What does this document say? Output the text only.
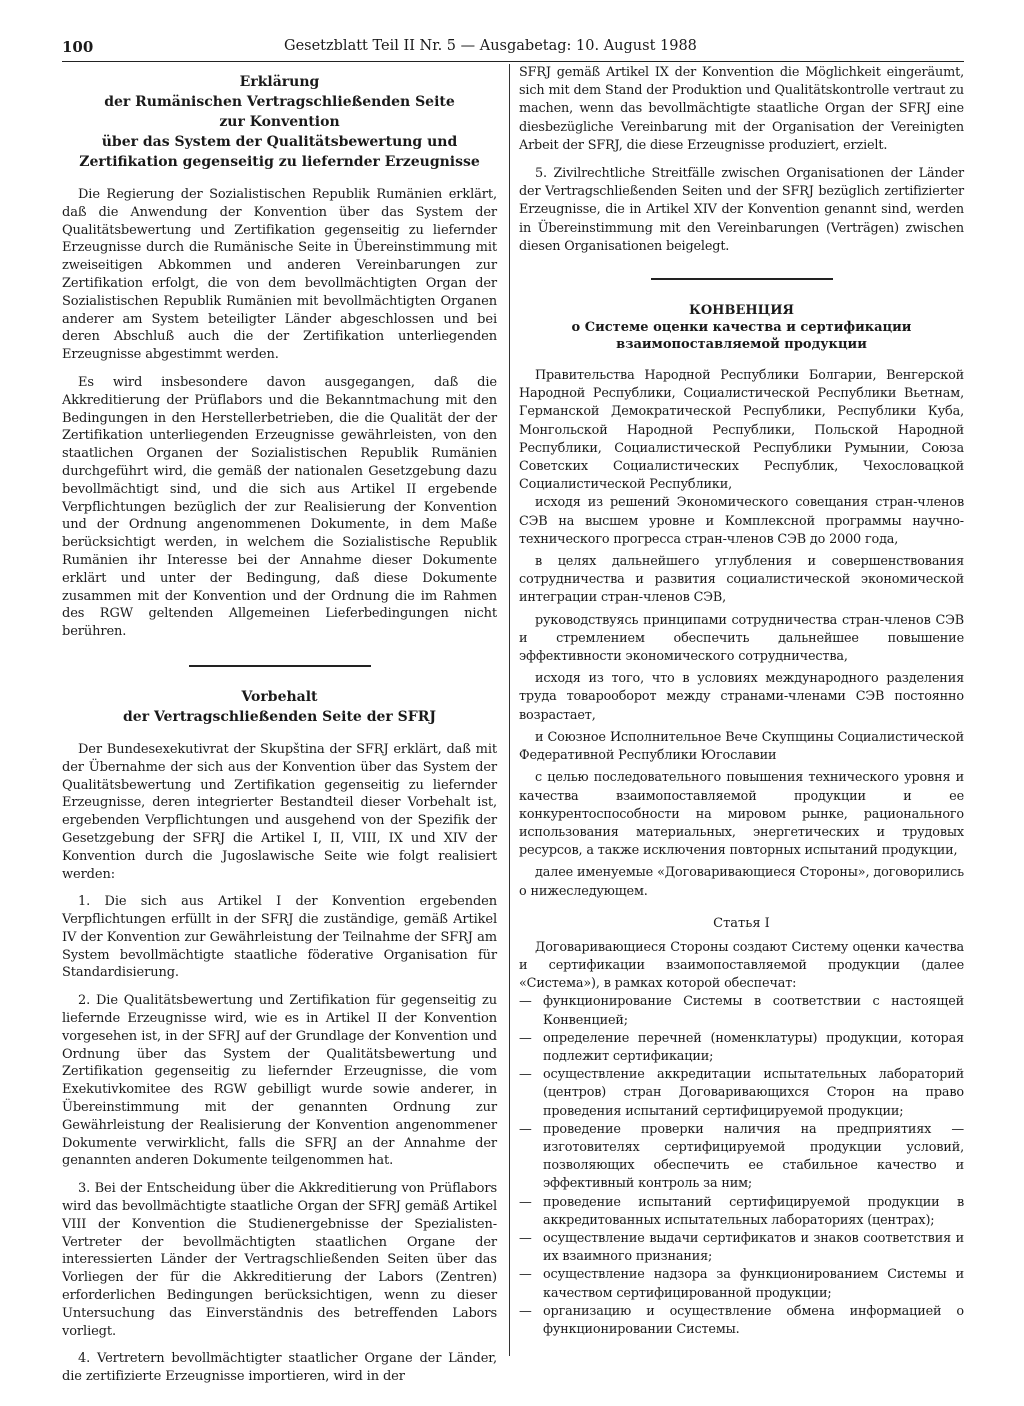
100	Gesetzblatt Teil II Nr. 5 — Ausgabetag: 10. August 1988
Erklärung
der Rumänischen Vertragschließenden Seite
zur Konvention
über das System der Qualitätsbewertung und
Zertifikation gegenseitig zu liefernder Erzeugnisse

Die Regierung der Sozialistischen Republik Rumänien erklärt, daß die Anwendung der Konvention über das System der Qualitätsbewertung und Zertifikation gegenseitig zu liefernder Erzeugnisse durch die Rumänische Seite in Übereinstimmung mit zweiseitigen Abkommen und anderen Vereinbarungen zur Zertifikation erfolgt, die von dem bevollmächtigten Organ der Sozialistischen Republik Rumänien mit bevollmächtigten Organen anderer am System beteiligter Länder abgeschlossen und bei deren Abschluß auch die der Zertifikation unterliegenden Erzeugnisse abgestimmt werden.

Es wird insbesondere davon ausgegangen, daß die Akkreditierung der Prüflabors und die Bekanntmachung mit den Bedingungen in den Herstellerbetrieben, die die Qualität der der Zertifikation unterliegenden Erzeugnisse gewährleisten, von den staatlichen Organen der Sozialistischen Republik Rumänien durchgeführt wird, die gemäß der nationalen Gesetzgebung dazu bevollmächtigt sind, und die sich aus Artikel II ergebende Verpflichtungen bezüglich der zur Realisierung der Konvention und der Ordnung angenommenen Dokumente, in dem Maße berücksichtigt werden, in welchem die Sozialistische Republik Rumänien ihr Interesse bei der Annahme dieser Dokumente erklärt und unter der Bedingung, daß diese Dokumente zusammen mit der Konvention und der Ordnung die im Rahmen des RGW geltenden Allgemeinen Lieferbedingungen nicht berühren.

Vorbehalt
der Vertragschließenden Seite der SFRJ

Der Bundesexekutivrat der Skupština der SFRJ erklärt, daß mit der Übernahme der sich aus der Konvention über das System der Qualitätsbewertung und Zertifikation gegenseitig zu liefernder Erzeugnisse, deren integrierter Bestandteil dieser Vorbehalt ist, ergebenden Verpflichtungen und ausgehend von der Spezifik der Gesetzgebung der SFRJ die Artikel I, II, VIII, IX und XIV der Konvention durch die Jugoslawische Seite wie folgt realisiert werden:

1. Die sich aus Artikel I der Konvention ergebenden Verpflichtungen erfüllt in der SFRJ die zuständige, gemäß Artikel IV der Konvention zur Gewährleistung der Teilnahme der SFRJ am System bevollmächtigte staatliche föderative Organisation für Standardisierung.

2. Die Qualitätsbewertung und Zertifikation für gegenseitig zu liefernde Erzeugnisse wird, wie es in Artikel II der Konvention vorgesehen ist, in der SFRJ auf der Grundlage der Konvention und Ordnung über das System der Qualitätsbewertung und Zertifikation gegenseitig zu liefernder Erzeugnisse, die vom Exekutivkomitee des RGW gebilligt wurde sowie anderer, in Übereinstimmung mit der genannten Ordnung zur Gewährleistung der Realisierung der Konvention angenommener Dokumente verwirklicht, falls die SFRJ an der Annahme der genannten anderen Dokumente teilgenommen hat.

3. Bei der Entscheidung über die Akkreditierung von Prüflabors wird das bevollmächtigte staatliche Organ der SFRJ gemäß Artikel VIII der Konvention die Studienergebnisse der Spezialisten-Vertreter der bevollmächtigten staatlichen Organe der interessierten Länder der Vertragschließenden Seiten über das Vorliegen der für die Akkreditierung der Labors (Zentren) erforderlichen Bedingungen berücksichtigen, wenn zu dieser Untersuchung das Einverständnis des betreffenden Labors vorliegt.

4. Vertretern bevollmächtigter staatlicher Organe der Länder, die zertifizierte Erzeugnisse importieren, wird in der

SFRJ gemäß Artikel IX der Konvention die Möglichkeit eingeräumt, sich mit dem Stand der Produktion und Qualitätskontrolle vertraut zu machen, wenn das bevollmächtigte staatliche Organ der SFRJ eine diesbezügliche Vereinbarung mit der Organisation der Vereinigten Arbeit der SFRJ, die diese Erzeugnisse produziert, erzielt.

5. Zivilrechtliche Streitfälle zwischen Organisationen der Länder der Vertragschließenden Seiten und der SFRJ bezüglich zertifizierter Erzeugnisse, die in Artikel XIV der Konvention genannt sind, werden in Übereinstimmung mit den Vereinbarungen (Verträgen) zwischen diesen Organisationen beigelegt.

КОНВЕНЦИЯ
о Системе оценки качества и сертификации
взаимопоставляемой продукции

Правительства Народной Республики Болгарии, Венгерской Народной Республики, Социалистической Республики Вьетнам, Германской Демократической Республики, Республики Куба, Монгольской Народной Республики, Польской Народной Республики, Социалистической Республики Румынии, Союза Советских Социалистических Республик, Чехословацкой Социалистической Республики,

исходя из решений Экономического совещания стран-членов СЭВ на высшем уровне и Комплексной программы научно-технического прогресса стран-членов СЭВ до 2000 года,

в целях дальнейшего углубления и совершенствования сотрудничества и развития социалистической экономической интеграции стран-членов СЭВ,

руководствуясь принципами сотрудничества стран-членов СЭВ и стремлением обеспечить дальнейшее повышение эффективности экономического сотрудничества,

исходя из того, что в условиях международного разделения труда товарооборот между странами-членами СЭВ постоянно возрастает,

и Союзное Исполнительное Вече Скупщины Социалистической Федеративной Республики Югославии

с целью последовательного повышения технического уровня и качества взаимопоставляемой продукции и ее конкурентоспособности на мировом рынке, рационального использования материальных, энергетических и трудовых ресурсов, а также исключения повторных испытаний продукции,

далее именуемые «Договаривающиеся Стороны», договорились о нижеследующем.

Статья I

Договаривающиеся Стороны создают Систему оценки качества и сертификации взаимопоставляемой продукции (далее «Система»), в рамках которой обеспечат:

— функционирование Системы в соответствии с настоящей Конвенцией;
— определение перечней (номенклатуры) продукции, которая подлежит сертификации;
— осуществление аккредитации испытательных лабораторий (центров) стран Договаривающихся Сторон на право проведения испытаний сертифицируемой продукции;
— проведение проверки наличия на предприятиях — изготовителях сертифицируемой продукции условий, позволяющих обеспечить ее стабильное качество и эффективный контроль за ним;
— проведение испытаний сертифицируемой продукции в аккредитованных испытательных лабораториях (центрах);
— осуществление выдачи сертификатов и знаков соответствия и их взаимного признания;
— осуществление надзора за функционированием Системы и качеством сертифицированной продукции;
— организацию и осуществление обмена информацией о функционировании Системы.
